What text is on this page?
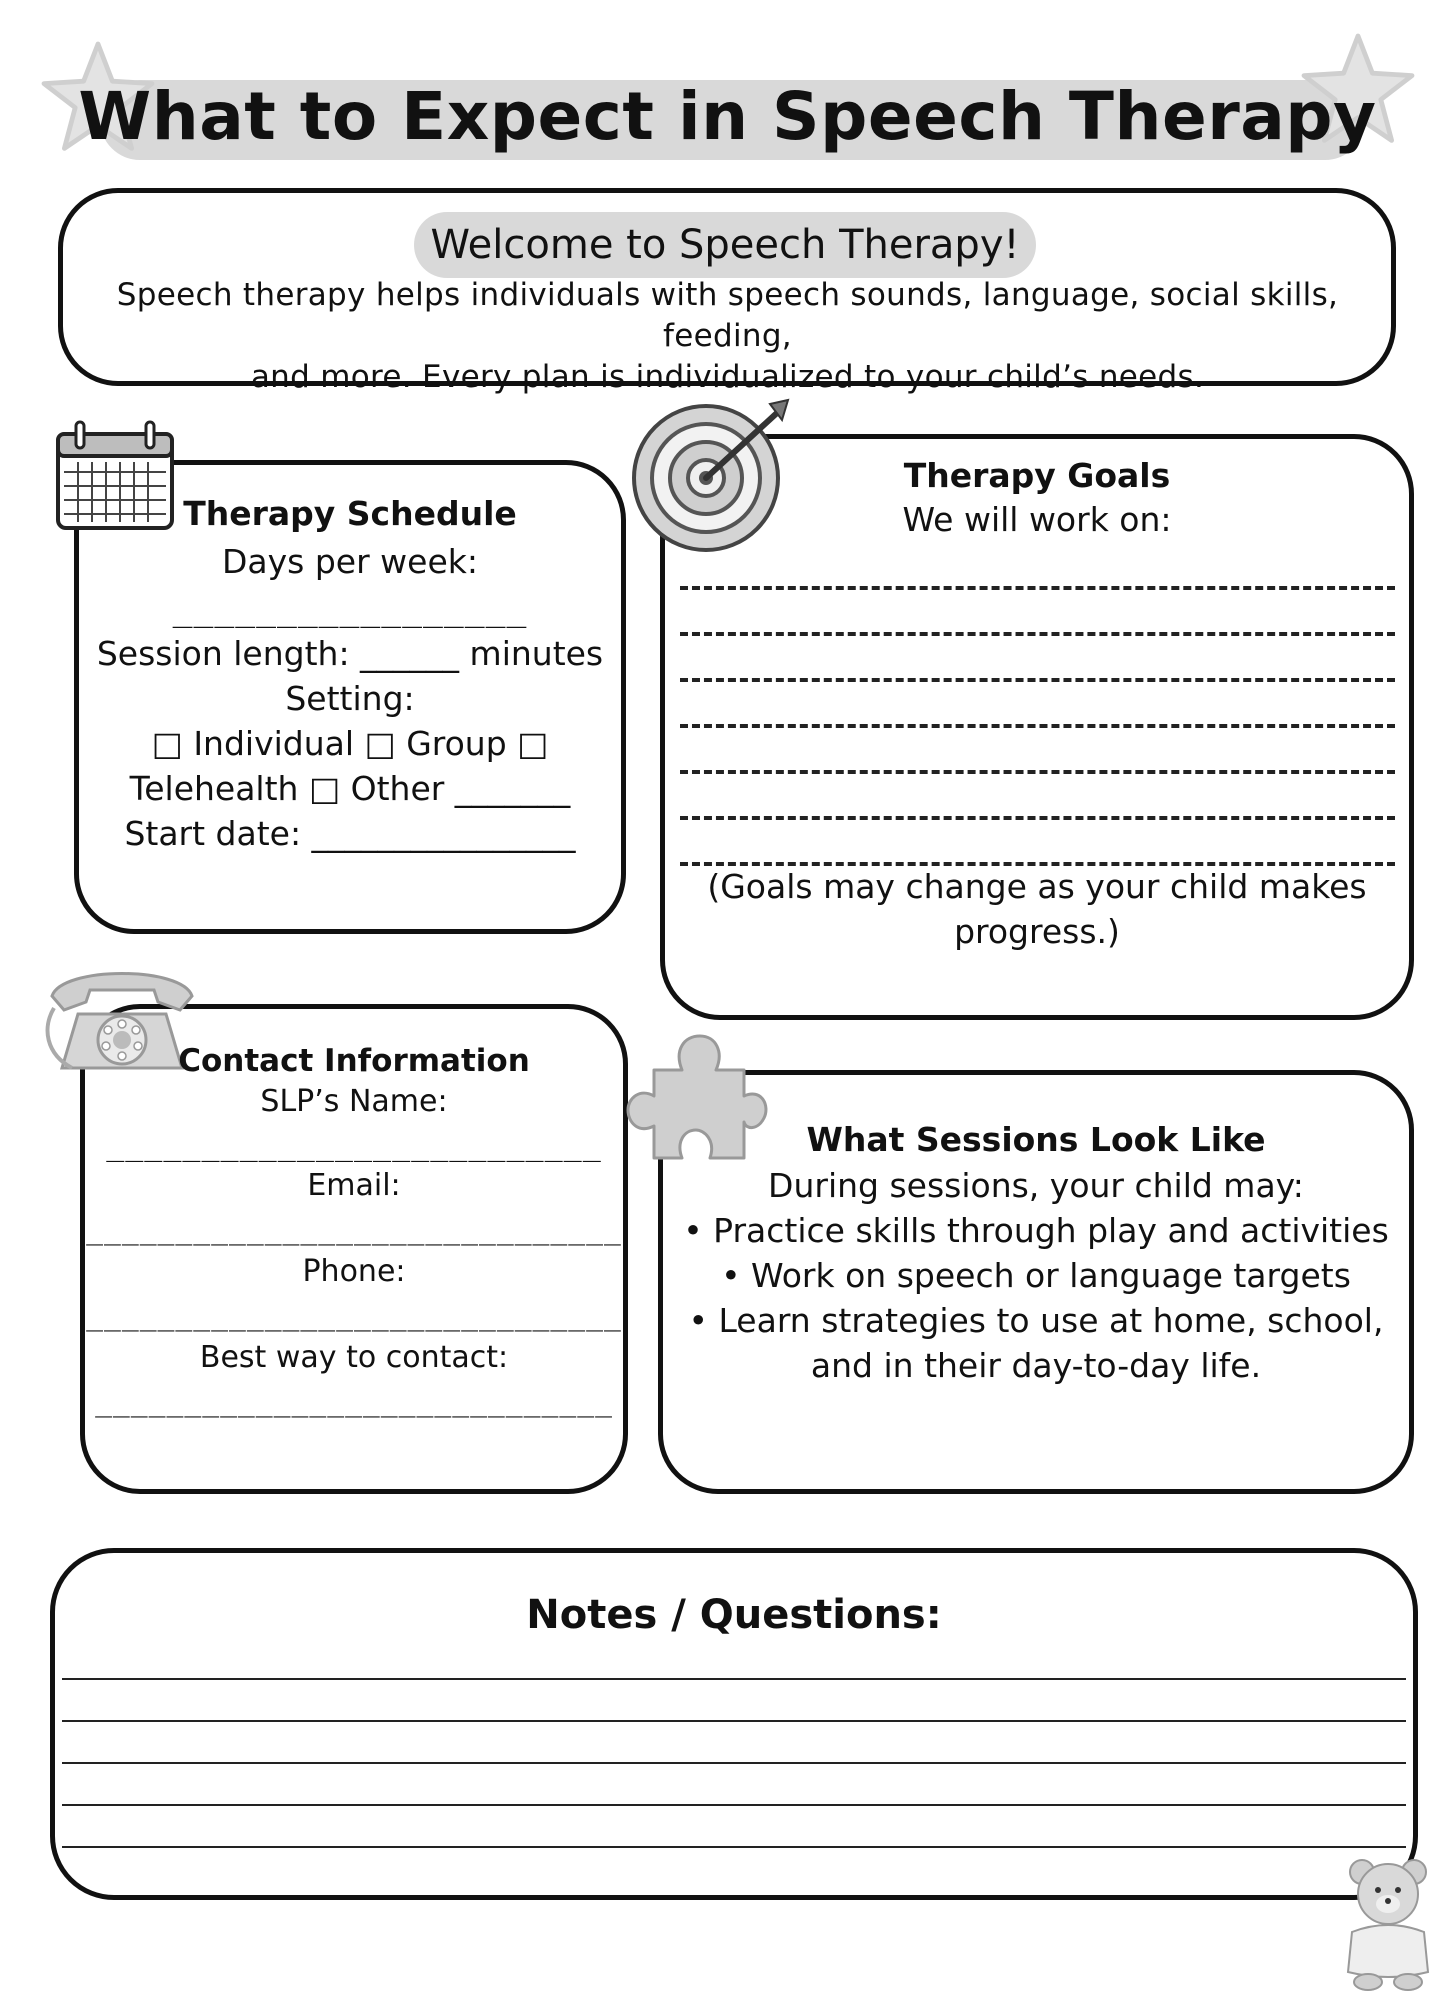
What to Expect in Speech Therapy
Welcome to Speech Therapy!
Speech therapy helps individuals with speech sounds, language, social skills, feeding,
and more. Every plan is individualized to your child’s needs.
Therapy Schedule
Days per week:
_________________
Session length: ______ minutes
Setting:
□ Individual □ Group □
Telehealth □ Other _______
Start date: ________________
Therapy Goals
We will work on:
(Goals may change as your child makes
progress.)
Contact Information
SLP’s Name:
__________________________
Email:
______________________________
Phone:
______________________________
Best way to contact:
_____________________________
What Sessions Look Like
During sessions, your child may:
• Practice skills through play and activities
• Work on speech or language targets
• Learn strategies to use at home, school,
and in their day-to-day life.
Notes / Questions:
